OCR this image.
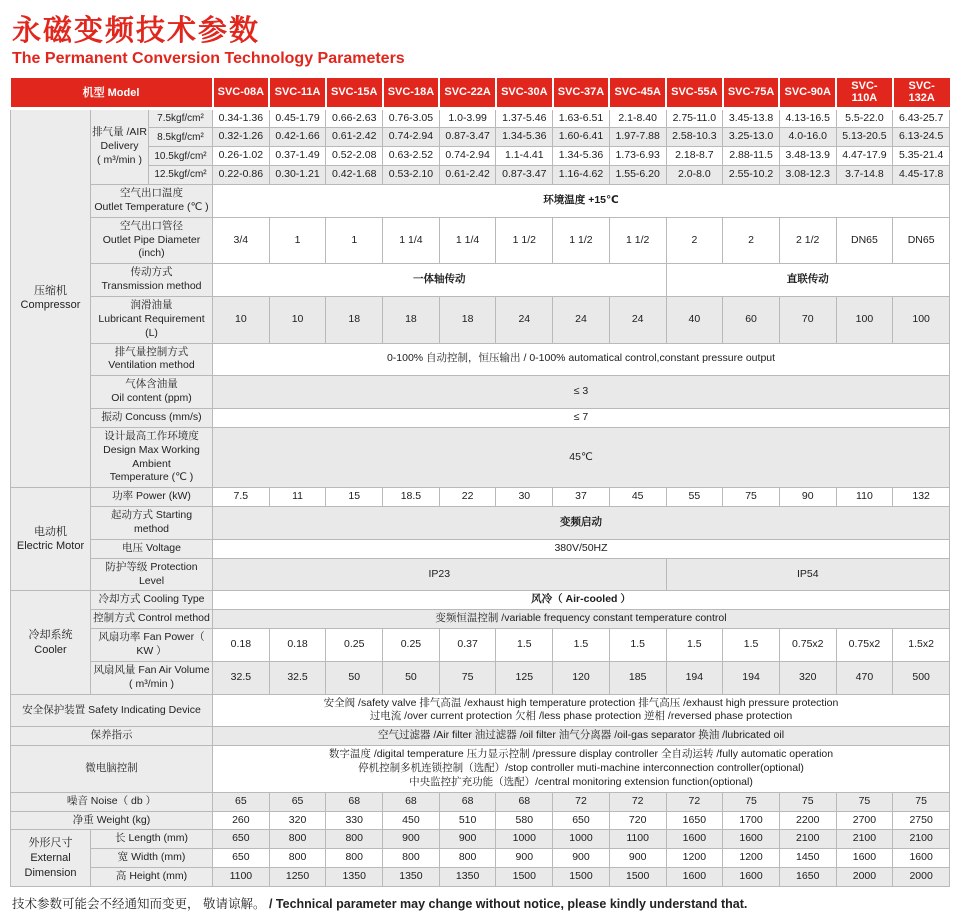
永磁变频技术参数
The Permanent Conversion Technology Parameters
机型 Model			SVC-08A	SVC-11A	SVC-15A	SVC-18A	SVC-22A	SVC-30A	SVC-37A	SVC-45A	SVC-55A	SVC-75A	SVC-90A	SVC-110A	SVC-132A

压缩机
Compressor

排气量 /AIR
Delivery
( m³/min )
	7.5kgf/cm²	0.34-1.36	0.45-1.79	0.66-2.63	0.76-3.05	1.0-3.99	1.37-5.46	1.63-6.51	2.1-8.40	2.75-11.0	3.45-13.8	4.13-16.5	5.5-22.0	6.43-25.7
		8.5kgf/cm²	0.32-1.26	0.42-1.66	0.61-2.42	0.74-2.94	0.87-3.47	1.34-5.36	1.60-6.41	1.97-7.88	2.58-10.3	3.25-13.0	4.0-16.0	5.13-20.5	6.13-24.5
		10.5kgf/cm²	0.26-1.02	0.37-1.49	0.52-2.08	0.63-2.52	0.74-2.94	1.1-4.41	1.34-5.36	1.73-6.93	2.18-8.7	2.88-11.5	3.48-13.9	4.47-17.9	5.35-21.4
		12.5kgf/cm²	0.22-0.86	0.30-1.21	0.42-1.68	0.53-2.10	0.61-2.42	0.87-3.47	1.16-4.62	1.55-6.20	2.0-8.0	2.55-10.2	3.08-12.3	3.7-14.8	4.45-17.8

	空气出口温度
Outlet Temperature (℃ )		环境温度 +15℃												

	空气出口管径
Outlet Pipe Diameter (inch)		3/4	1	1	1 1/4	1 1/4	1 1/2	1 1/2	1 1/2	2	2	2 1/2	DN65	DN65

	传动方式
Transmission method		一体轴传动								直联传动				

	润滑油量
Lubricant Requirement (L)		10	10	18	18	18	24	24	24	40	60	70	100	100

	排气量控制方式
Ventilation method		0-100% 自动控制，恒压输出 / 0-100% automatical control,constant pressure output												

	气体含油量
Oil content (ppm)		≤ 3												
	振动 Concuss (mm/s)		≤ 7												

	设计最高工作环境度
Design Max Working Ambient
Temperature (℃ )		45℃												

电动机
Electric Motor	功率 Power (kW)		7.5	11	15	18.5	22	30	37	45	55	75	90	110	132
	起动方式 Starting method		变频启动												
	电压 Voltage		380V/50HZ												
	防护等级 Protection Level		IP23								IP54				

冷却系统
Cooler	冷却方式 Cooling Type		风冷（ Air-cooled ）												
	控制方式 Control method		变频恒温控制 /variable frequency constant temperature control												
	风扇功率 Fan Power（ KW ）		0.18	0.18	0.25	0.25	0.37	1.5	1.5	1.5	1.5	1.5	0.75x2	0.75x2	1.5x2
	风扇风量 Fan Air Volume ( m³/min )		32.5	32.5	50	50	75	125	120	185	194	194	320	470	500
安全保护装置 Safety Indicating Device			安全阀 /safety valve 排气高温 /exhaust high temperature protection 排气高压 /exhaust high pressure protection
过电流 /over current protection 欠相 /less phase protection 逆相 /reversed phase protection												

保养指示			空气过滤器 /Air filter 油过滤器 /oil filter 油气分离器 /oil-gas separator 换油 /lubricated oil												
微电脑控制			数字温度 /digital temperature 压力显示控制 /pressure display controller 全自动运转 /fully automatic operation
停机控制多机连锁控制（选配）/stop controller muti-machine interconnection controller(optional)
中央监控扩充功能（选配）/central monitoring extension function(optional)												

噪音 Noise（ db ）			65	65	68	68	68	68	72	72	72	75	75	75	75
净重 Weight (kg)			260	320	330	450	510	580	650	720	1650	1700	2200	2700	2750

外形尺寸
External
Dimension	长 Length (mm)		650	800	800	900	900	1000	1000	1100	1600	1600	2100	2100	2100
	宽 Width (mm)		650	800	800	800	800	900	900	900	1200	1200	1450	1600	1600
	高 Height (mm)		1100	1250	1350	1350	1350	1500	1500	1500	1600	1600	1650	2000	2000
技术参数可能会不经通知而变更， 敬请谅解。 / Technical parameter may change without notice, please kindly understand that.
